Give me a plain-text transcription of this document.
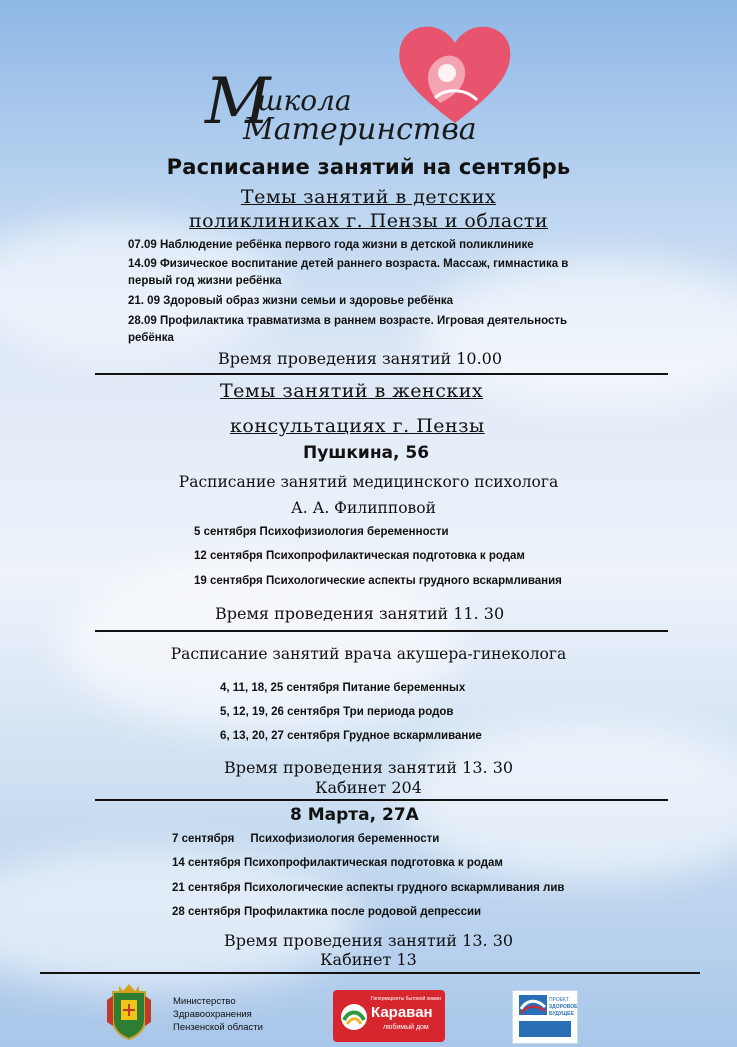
М
школа
Материнства
Расписание занятий на сентябрь
Темы занятий в детских
поликлиниках г. Пензы и области
07.09 Наблюдение ребёнка первого года жизни в детской поликлинике
14.09 Физическое воспитание детей раннего возраста. Массаж, гимнастика в
первый год жизни ребёнка
21. 09 Здоровый образ жизни семьи и здоровье ребёнка
28.09 Профилактика травматизма в раннем возрасте. Игровая деятельность
ребёнка
Время проведения занятий 10.00
Темы занятий в женских
консультациях г. Пензы
Пушкина, 56
Расписание занятий медицинского психолога
А. А. Филипповой
5 сентября Психофизиология беременности
12 сентября Психопрофилактическая подготовка к родам
19 сентября Психологические аспекты грудного вскармливания
Время проведения занятий 11. 30
Расписание занятий врача акушера-гинеколога
4, 11, 18, 25 сентября Питание беременных
5, 12, 19, 26 сентября Три периода родов
6, 13, 20, 27 сентября Грудное вскармливание
Время проведения занятий 13. 30
Кабинет 204
8 Марта, 27А
7 сентября     Психофизиология беременности
14 сентября Психопрофилактическая подготовка к родам
21 сентября Психологические аспекты грудного вскармливания лив
28 сентября Профилактика после родовой депрессии
Время проведения занятий 13. 30
Кабинет 13
Министерство
Здравоохранения
Пензенской области
Гипермаркеты бытовой химии
Караван
любимый дом
ПРОЕКТ
ЗДОРОВОЕ
БУДУЩЕЕ
